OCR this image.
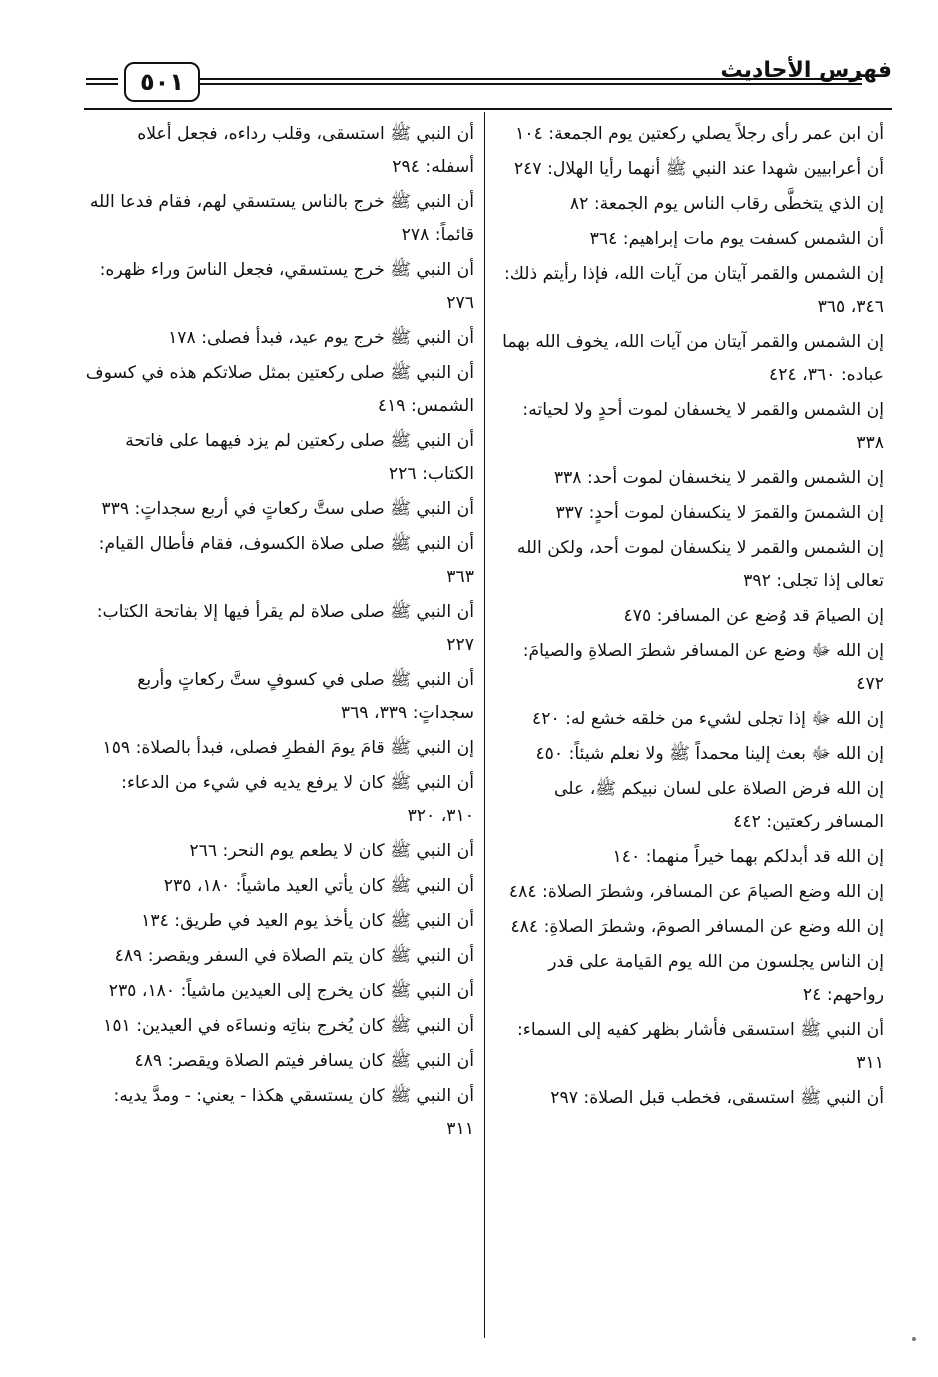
٥٠١	فهرس الأحاديث
أن ابن عمر رأى رجلاً يصلي ركعتين يوم الجمعة: ١٠٤
أن أعرابيين شهدا عند النبي ﷺ أنهما رأيا الهلال: ٢٤٧
إن الذي يتخطَّى رقاب الناس يوم الجمعة: ٨٢
أن الشمس كسفت يوم مات إبراهيم: ٣٦٤
إن الشمس والقمر آيتان من آيات الله، فإذا رأيتم ذلك: ٣٤٦، ٣٦٥
إن الشمس والقمر آيتان من آيات الله، يخوف الله بهما عباده: ٣٦٠، ٤٢٤
إن الشمس والقمر لا يخسفان لموت أحدٍ ولا لحياته: ٣٣٨
إن الشمس والقمر لا ينخسفان لموت أحد: ٣٣٨
إن الشمسَ والقمرَ لا ينكسفان لموت أحدٍ: ٣٣٧
إن الشمس والقمر لا ينكسفان لموت أحد، ولكن الله تعالى إذا تجلى: ٣٩٢
إن الصيامَ قد وُضع عن المسافر: ٤٧٥
إن الله ﷻ وضع عن المسافر شطرَ الصلاةِ والصيامَ: ٤٧٢
إن الله ﷻ إذا تجلى لشيء من خلقه خشع له: ٤٢٠
إن الله ﷻ بعث إلينا محمداً ﷺ ولا نعلم شيئاً: ٤٥٠
إن الله فرض الصلاة على لسان نبيكم ﷺ، على المسافر ركعتين: ٤٤٢
إن الله قد أبدلكم بهما خيراً منهما: ١٤٠
إن الله وضع الصيامَ عن المسافر، وشطرَ الصلاة: ٤٨٤
إن الله وضع عن المسافر الصومَ، وشطرَ الصلاةِ: ٤٨٤
إن الناس يجلسون من الله يوم القيامة على قدر رواحهم: ٢٤
أن النبي ﷺ استسقى فأشار بظهر كفيه إلى السماء: ٣١١
أن النبي ﷺ استسقى، فخطب قبل الصلاة: ٢٩٧
أن النبي ﷺ استسقى، وقلب رداءه، فجعل أعلاه أسفله: ٢٩٤
أن النبي ﷺ خرج بالناس يستسقي لهم، فقام فدعا الله قائماً: ٢٧٨
أن النبي ﷺ خرج يستسقي، فجعل الناسَ وراء ظهره: ٢٧٦
أن النبي ﷺ خرج يوم عيد، فبدأ فصلى: ١٧٨
أن النبي ﷺ صلى ركعتين بمثل صلاتكم هذه في كسوف الشمس: ٤١٩
أن النبي ﷺ صلى ركعتين لم يزد فيهما على فاتحة الكتاب: ٢٢٦
أن النبي ﷺ صلى ستَّ ركعاتٍ في أربع سجداتٍ: ٣٣٩
أن النبي ﷺ صلى صلاة الكسوف، فقام فأطال القيام: ٣٦٣
أن النبي ﷺ صلى صلاة لم يقرأ فيها إلا بفاتحة الكتاب: ٢٢٧
أن النبي ﷺ صلى في كسوفٍ ستَّ ركعاتٍ وأربع سجداتٍ: ٣٣٩، ٣٦٩
إن النبي ﷺ قامَ يومَ الفطرِ فصلى، فبدأ بالصلاة: ١٥٩
أن النبي ﷺ كان لا يرفع يديه في شيء من الدعاء: ٣١٠، ٣٢٠
أن النبي ﷺ كان لا يطعم يوم النحر: ٢٦٦
أن النبي ﷺ كان يأتي العيد ماشياً: ١٨٠، ٢٣٥
أن النبي ﷺ كان يأخذ يوم العيد في طريق: ١٣٤
أن النبي ﷺ كان يتم الصلاة في السفر ويقصر: ٤٨٩
أن النبي ﷺ كان يخرج إلى العيدين ماشياً: ١٨٠، ٢٣٥
أن النبي ﷺ كان يُخرج بناتِه ونساءَه في العيدين: ١٥١
أن النبي ﷺ كان يسافر فيتم الصلاة ويقصر: ٤٨٩
أن النبي ﷺ كان يستسقي هكذا - يعني: - ومدَّ يديه: ٣١١
